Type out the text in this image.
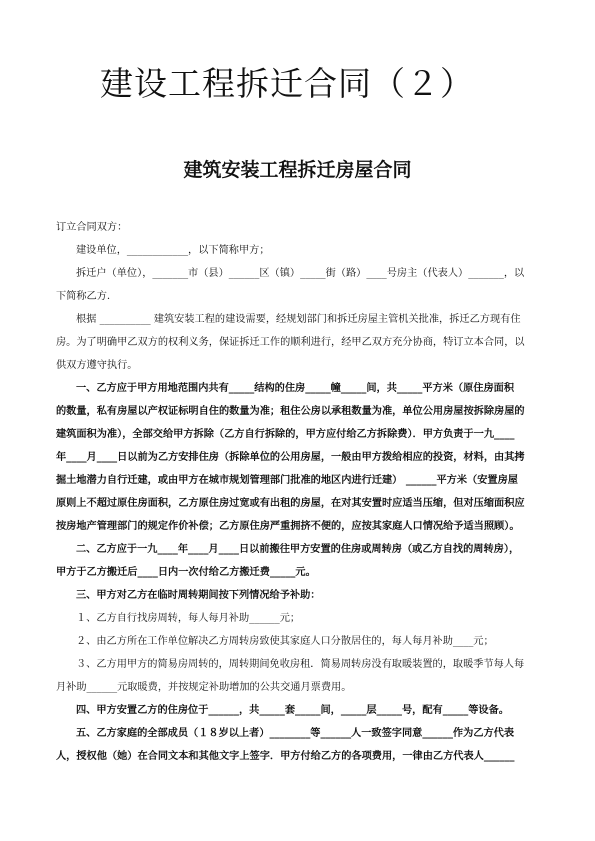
建设工程拆迁合同（２）
建筑安装工程拆迁房屋合同
订立合同双方：
建设单位，____________，以下简称甲方；
拆迁户（单位），_______市（县）______区（镇）_____街（路）____号房主（代表人）_______，以
下简称乙方.
根据 __________ 建筑安装工程的建设需要，经规划部门和拆迁房屋主管机关批准，拆迁乙方现有住
房。为了明确甲乙双方的权利义务，保证拆迁工作的顺利进行，经甲乙双方充分协商，特订立本合同，以
供双方遵守执行。
一、乙方应于甲方用地范围内共有_____结构的住房_____幢_____间，共_____平方米（原住房面积
的数量，私有房屋以产权证标明自住的数量为准；租住公房以承租数量为准，单位公用房屋按拆除房屋的
建筑面积为准），全部交给甲方拆除（乙方自行拆除的，甲方应付给乙方拆除费）．甲方负责于一九____
年____月____日以前为乙方安排住房（拆除单位的公用房屋，一般由甲方拨给相应的投资，材料，由其拷
掘土地潜力自行迁建，或由甲方在城市规划管理部门批准的地区内进行迁建） ______平方米（安置房屋
原则上不超过原住房面积，乙方原住房过宽或有出租的房屋，在对其安置时应适当压缩，但对压缩面积应
按房地产管理部门的规定作价补偿；乙方原住房严重拥挤不便的，应按其家庭人口情况给予适当照顾）。
二、乙方应于一九____年____月____日以前搬往甲方安置的住房或周转房（或乙方自找的周转房），
甲方于乙方搬迁后____日内一次付给乙方搬迁费_____元。
三、甲方对乙方在临时周转期间按下列情况给予补助：
１、乙方自行找房周转，每人每月补助______元；
２、由乙方所在工作单位解决乙方周转房致使其家庭人口分散居住的，每人每月补助____元；
３、乙方用甲方的简易房周转的，周转期间免收房租．简易周转房没有取暖装置的，取暖季节每人每
月补助______元取暖费，并按规定补助增加的公共交通月票费用。
四、甲方安置乙方的住房位于______，共_____套_____间，_____层_____号，配有_____等设备。
五、乙方家庭的全部成员（１８岁以上者）________等______人一致签字同意______作为乙方代表
人，授权他（她）在合同文本和其他文字上签字．甲方付给乙方的各项费用，一律由乙方代表人______
